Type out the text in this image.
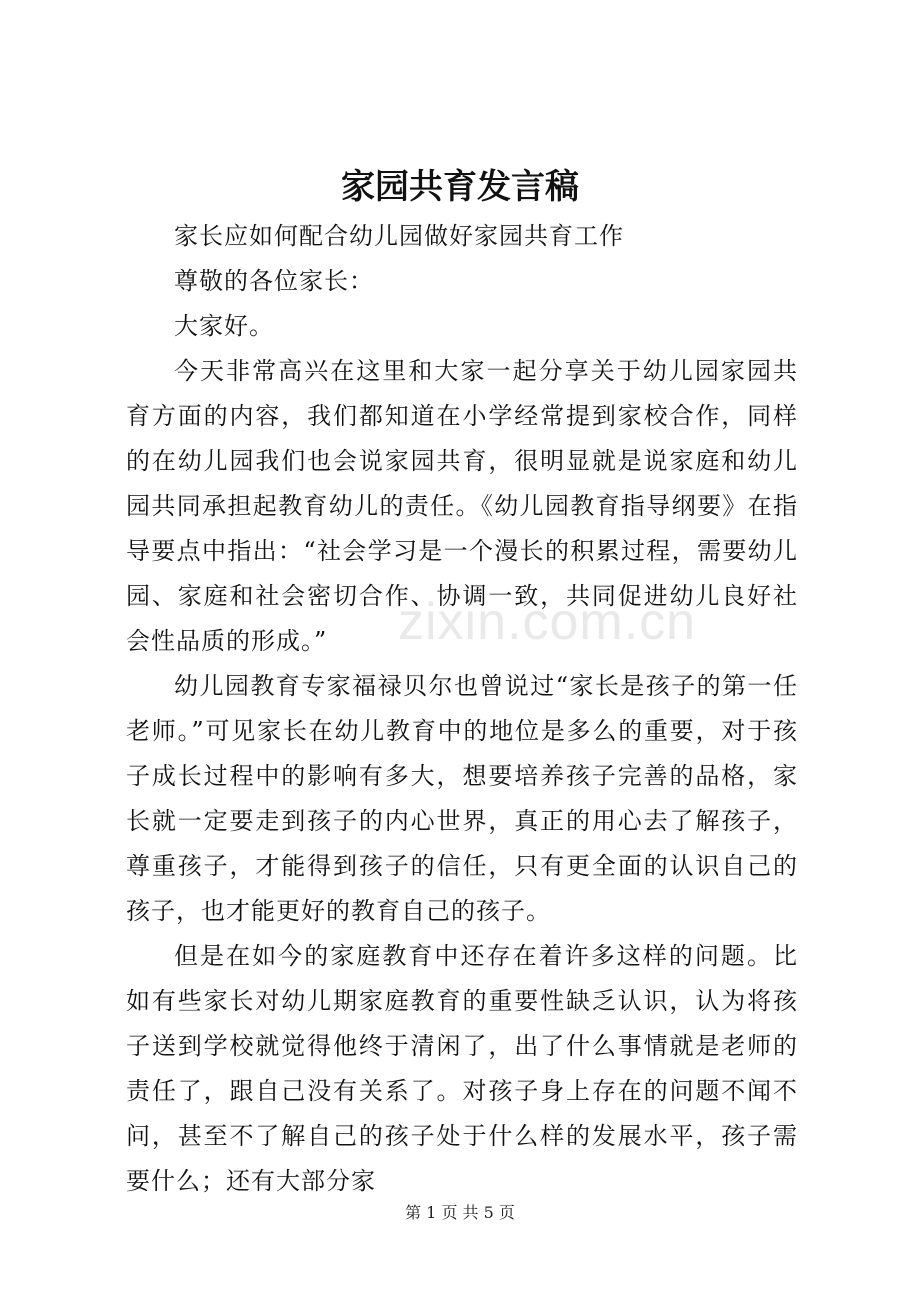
zixin.com.cn
家园共育发言稿

家长应如何配合幼儿园做好家园共育工作

尊敬的各位家长：

大家好。

今天非常高兴在这里和大家一起分享关于幼儿园家园共育方面的内容，我们都知道在小学经常提到家校合作，同样的在幼儿园我们也会说家园共育，很明显就是说家庭和幼儿园共同承担起教育幼儿的责任。《幼儿园教育指导纲要》在指导要点中指出：“社会学习是一个漫长的积累过程，需要幼儿园、家庭和社会密切合作、协调一致，共同促进幼儿良好社会性品质的形成。”

幼儿园教育专家福禄贝尔也曾说过“家长是孩子的第一任老师。”可见家长在幼儿教育中的地位是多么的重要，对于孩子成长过程中的影响有多大，想要培养孩子完善的品格，家长就一定要走到孩子的内心世界，真正的用心去了解孩子，尊重孩子，才能得到孩子的信任，只有更全面的认识自己的孩子，也才能更好的教育自己的孩子。

但是在如今的家庭教育中还存在着许多这样的问题。比如有些家长对幼儿期家庭教育的重要性缺乏认识，认为将孩子送到学校就觉得他终于清闲了，出了什么事情就是老师的责任了，跟自己没有关系了。对孩子身上存在的问题不闻不问，甚至不了解自己的孩子处于什么样的发展水平，孩子需要什么；还有大部分家

第 1 页 共 5 页
